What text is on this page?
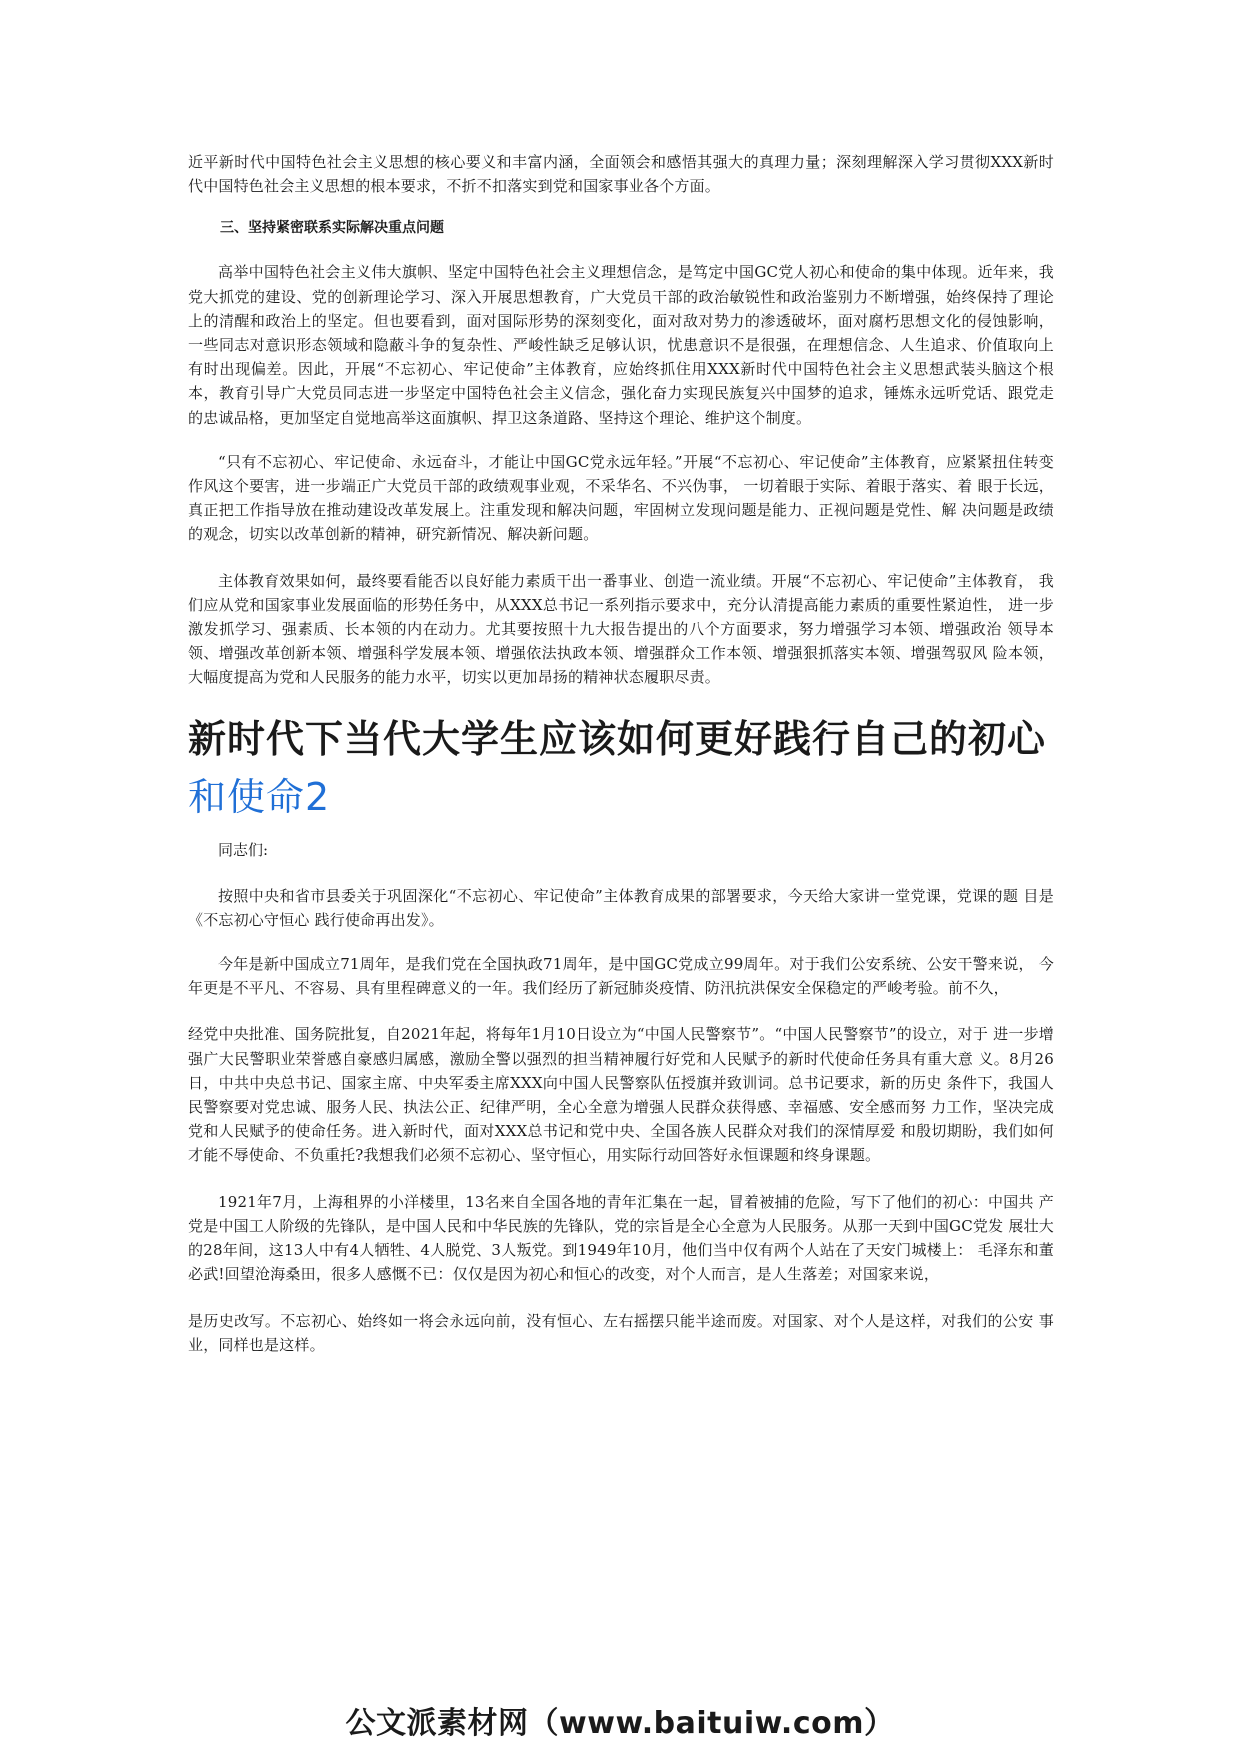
近平新时代中国特色社会主义思想的核心要义和丰富内涵，全面领会和感悟其强大的真理力量；深刻理解深入学习贯彻XXX新时代中国特色社会主义思想的根本要求，不折不扣落实到党和国家事业各个方面。

三、坚持紧密联系实际解决重点问题

高举中国特色社会主义伟大旗帜、坚定中国特色社会主义理想信念，是笃定中国GC党人初心和使命的集中体现。近年来，我党大抓党的建设、党的创新理论学习、深入开展思想教育，广大党员干部的政治敏锐性和政治鉴别力不断增强，始终保持了理论上的清醒和政治上的坚定。但也要看到，面对国际形势的深刻变化，面对敌对势力的渗透破坏，面对腐朽思想文化的侵蚀影响， 一些同志对意识形态领域和隐蔽斗争的复杂性、严峻性缺乏足够认识，忧患意识不是很强，在理想信念、人生追求、价值取向上有时出现偏差。因此，开展“不忘初心、牢记使命”主体教育，应始终抓住用XXX新时代中国特色社会主义思想武装头脑这个根本，教育引导广大党员同志进一步坚定中国特色社会主义信念，强化奋力实现民族复兴中国梦的追求，锤炼永远听党话、跟党走的忠诚品格，更加坚定自觉地高举这面旗帜、捍卫这条道路、坚持这个理论、维护这个制度。

“只有不忘初心、牢记使命、永远奋斗，才能让中国GC党永远年轻。”开展“不忘初心、牢记使命”主体教育，应紧紧扭住转变作风这个要害，进一步端正广大党员干部的政绩观事业观，不采华名、不兴伪事， 一切着眼于实际、着眼于落实、着 眼于长远，真正把工作指导放在推动建设改革发展上。注重发现和解决问题，牢固树立发现问题是能力、正视问题是党性、解 决问题是政绩的观念，切实以改革创新的精神，研究新情况、解决新问题。

主体教育效果如何，最终要看能否以良好能力素质干出一番事业、创造一流业绩。开展“不忘初心、牢记使命”主体教育， 我们应从党和国家事业发展面临的形势任务中，从XXX总书记一系列指示要求中，充分认清提高能力素质的重要性紧迫性， 进一步激发抓学习、强素质、长本领的内在动力。尤其要按照十九大报告提出的八个方面要求，努力增强学习本领、增强政治 领导本领、增强改革创新本领、增强科学发展本领、增强依法执政本领、增强群众工作本领、增强狠抓落实本领、增强驾驭风 险本领，大幅度提高为党和人民服务的能力水平，切实以更加昂扬的精神状态履职尽责。

新时代下当代大学生应该如何更好践行自己的初心
和使命2

同志们:

按照中央和省市县委关于巩固深化“不忘初心、牢记使命”主体教育成果的部署要求，今天给大家讲一堂党课，党课的题 目是《不忘初心守恒心 践行使命再出发》。

今年是新中国成立71周年，是我们党在全国执政71周年，是中国GC党成立99周年。对于我们公安系统、公安干警来说， 今年更是不平凡、不容易、具有里程碑意义的一年。我们经历了新冠肺炎疫情、防汛抗洪保安全保稳定的严峻考验。前不久，

经党中央批准、国务院批复，自2021年起，将每年1月10日设立为“中国人民警察节”。“中国人民警察节”的设立，对于 进一步增强广大民警职业荣誉感自豪感归属感，激励全警以强烈的担当精神履行好党和人民赋予的新时代使命任务具有重大意 义。8月26日，中共中央总书记、国家主席、中央军委主席XXX向中国人民警察队伍授旗并致训词。总书记要求，新的历史 条件下，我国人民警察要对党忠诚、服务人民、执法公正、纪律严明，全心全意为增强人民群众获得感、幸福感、安全感而努 力工作，坚决完成党和人民赋予的使命任务。进入新时代，面对XXX总书记和党中央、全国各族人民群众对我们的深情厚爱 和殷切期盼，我们如何才能不辱使命、不负重托?我想我们必须不忘初心、坚守恒心，用实际行动回答好永恒课题和终身课题。

1921年7月，上海租界的小洋楼里，13名来自全国各地的青年汇集在一起，冒着被捕的危险，写下了他们的初心：中国共 产党是中国工人阶级的先锋队，是中国人民和中华民族的先锋队，党的宗旨是全心全意为人民服务。从那一天到中国GC党发 展壮大的28年间，这13人中有4人牺牲、4人脱党、3人叛党。到1949年10月，他们当中仅有两个人站在了天安门城楼上： 毛泽东和董必武!回望沧海桑田，很多人感慨不已：仅仅是因为初心和恒心的改变，对个人而言，是人生落差；对国家来说，

是历史改写。不忘初心、始终如一将会永远向前，没有恒心、左右摇摆只能半途而废。对国家、对个人是这样，对我们的公安 事业，同样也是这样。

公文派素材网（www.baituiw.com）
